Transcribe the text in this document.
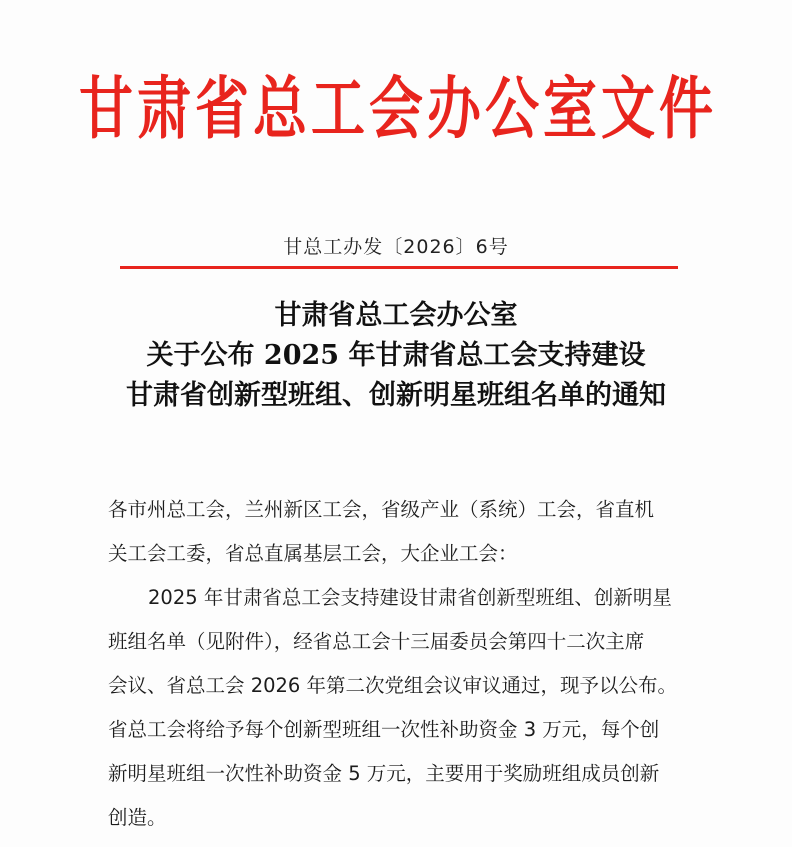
甘肃省总工会办公室文件
甘总工办发〔2026〕6号
甘肃省总工会办公室
关于公布 2025 年甘肃省总工会支持建设
甘肃省创新型班组、创新明星班组名单的通知
各市州总工会，兰州新区工会，省级产业（系统）工会，省直机
关工会工委，省总直属基层工会，大企业工会：
2025 年甘肃省总工会支持建设甘肃省创新型班组、创新明星
班组名单（见附件），经省总工会十三届委员会第四十二次主席
会议、省总工会 2026 年第二次党组会议审议通过，现予以公布。
省总工会将给予每个创新型班组一次性补助资金 3 万元，每个创
新明星班组一次性补助资金 5 万元，主要用于奖励班组成员创新
创造。
